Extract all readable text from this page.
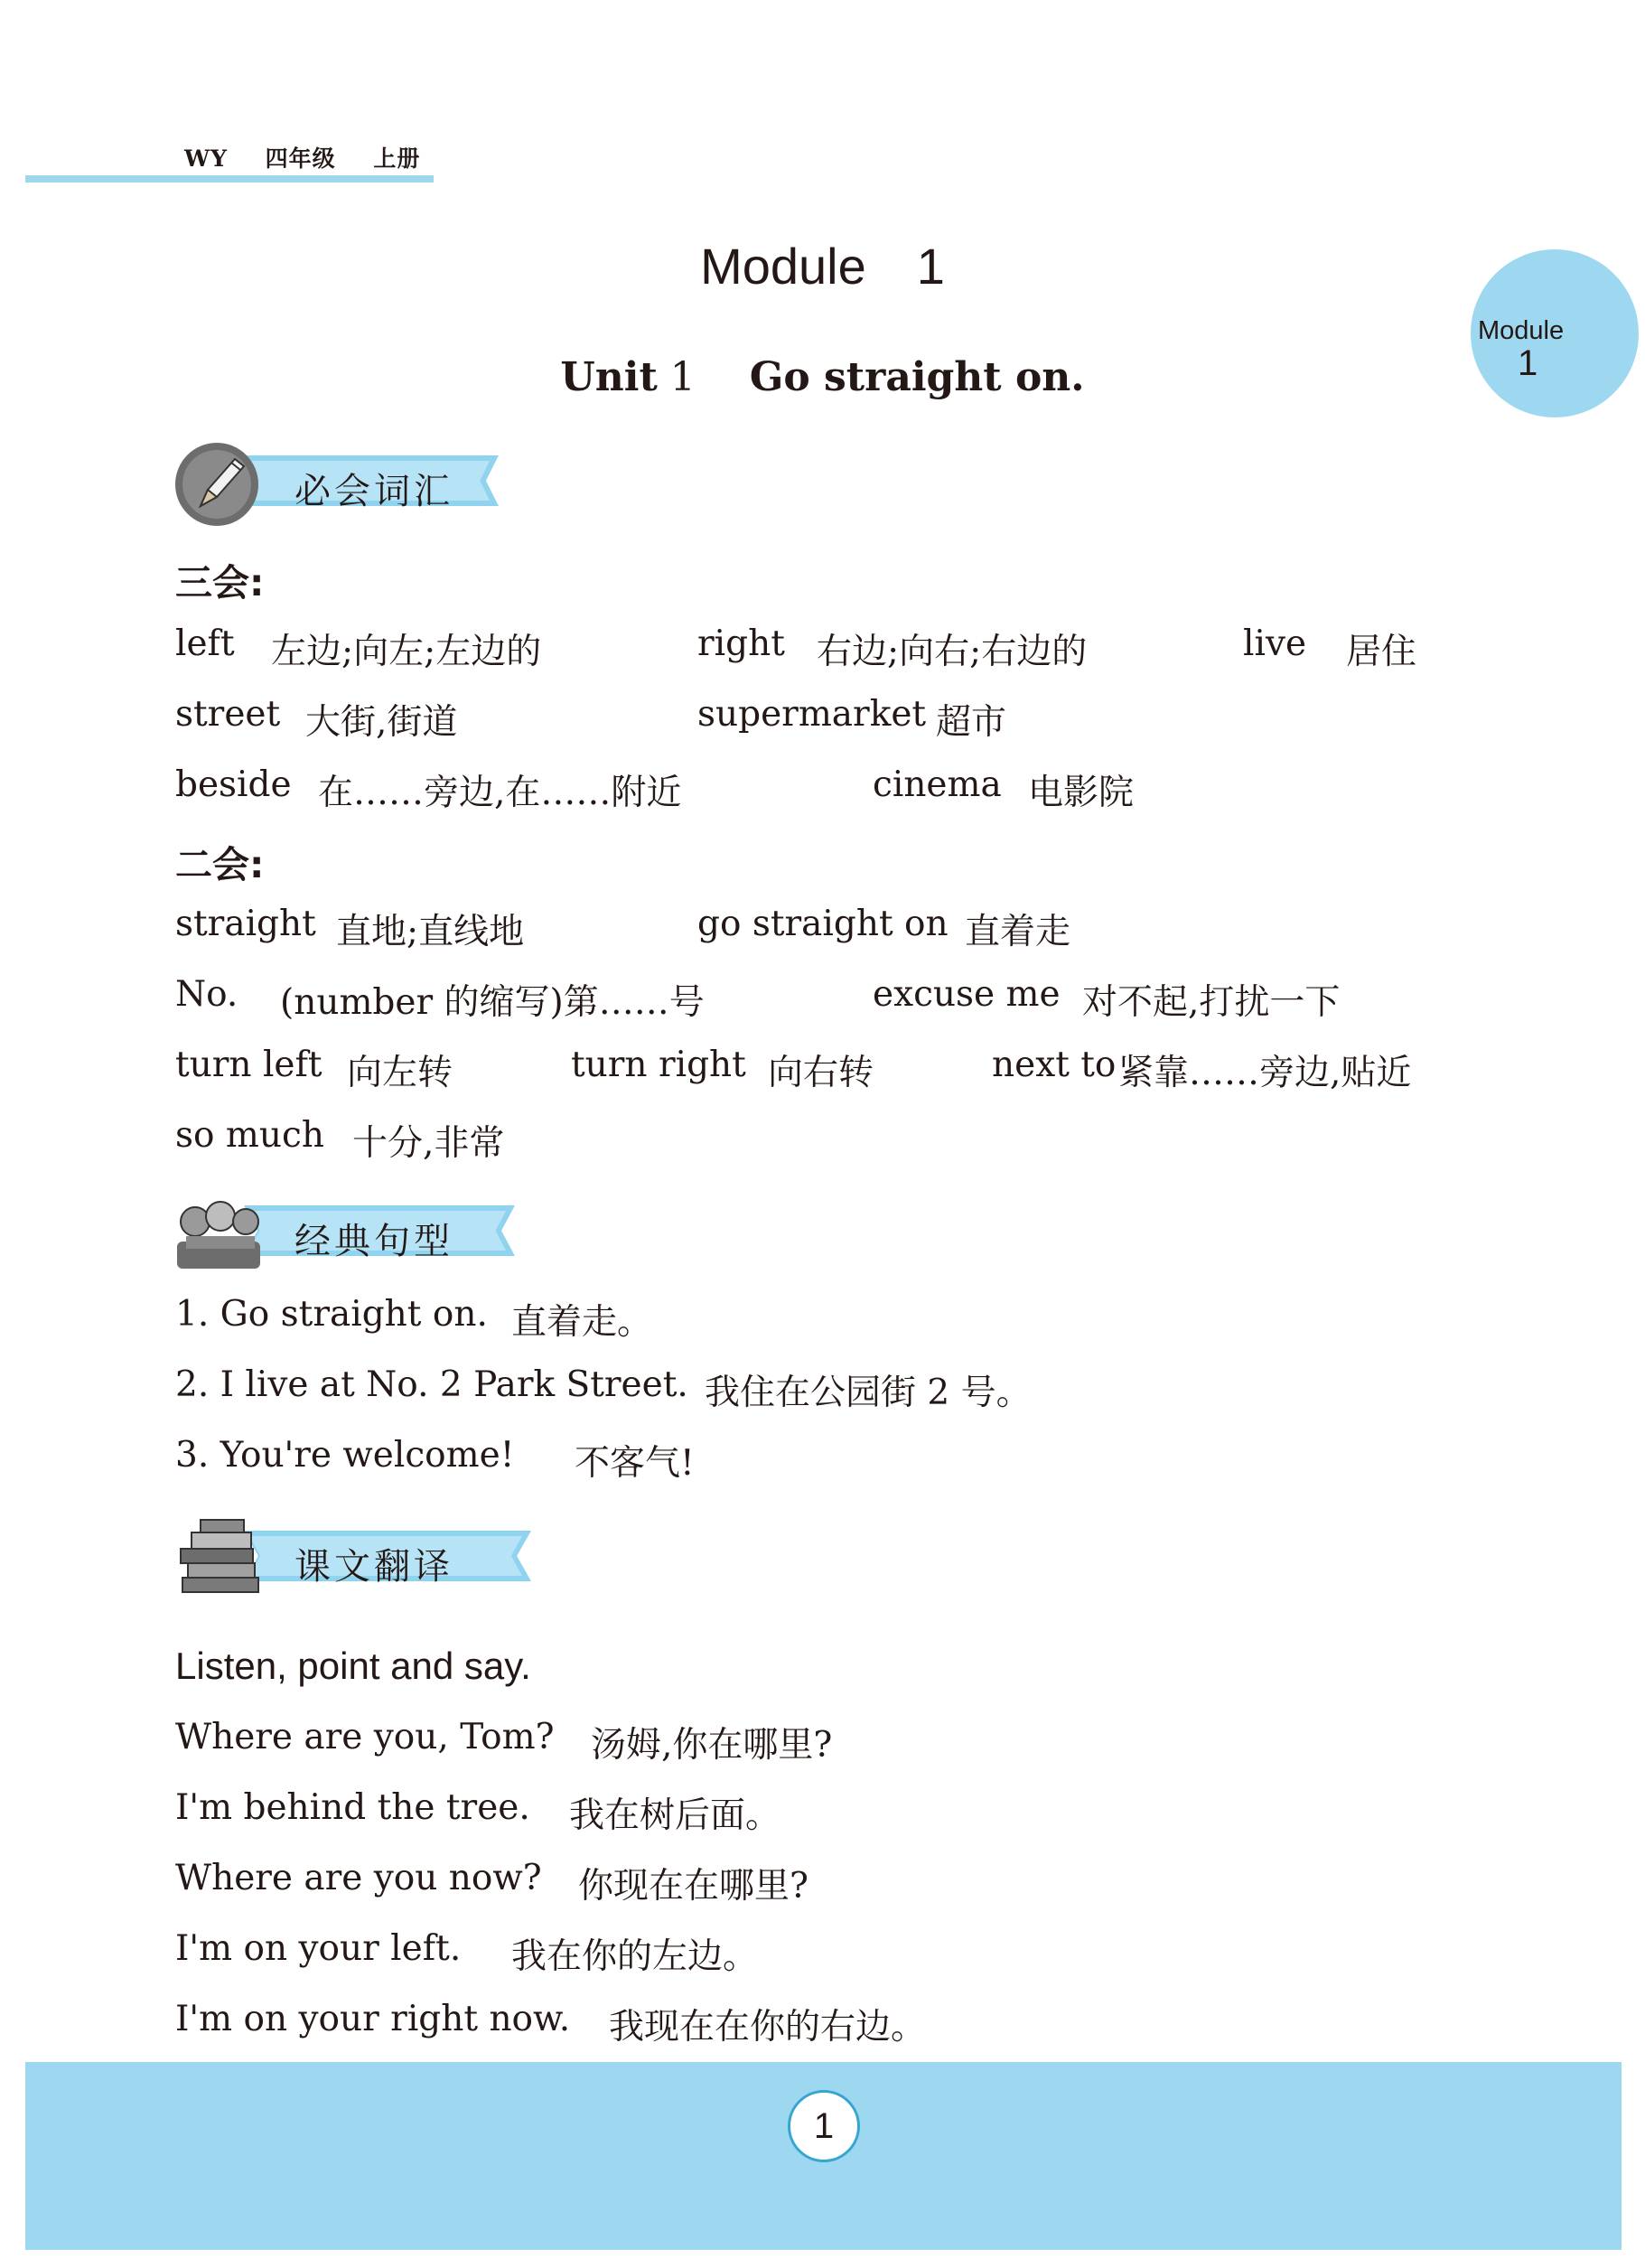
WY 四年级 上册
Module
1
Module 1
Unit 1 Go straight on.
必会词汇
三会:
left 左边;向左;左边的	right 右边;向右;右边的	live 居住
street 大街,街道	supermarket 超市
beside 在……旁边,在……附近	cinema 电影院
二会:
straight 直地;直线地	go straight on 直着走
No. (number 的缩写)第……号	excuse me 对不起,打扰一下
turn left 向左转	turn right 向右转	next to 紧靠……旁边,贴近
so much 十分,非常
经典句型
1. Go straight on. 直着走。
2. I live at No. 2 Park Street. 我住在公园街 2 号。
3. You're welcome! 不客气!
课文翻译
Listen, point and say.
Where are you, Tom? 汤姆,你在哪里?
I'm behind the tree. 我在树后面。
Where are you now? 你现在在哪里?
I'm on your left. 我在你的左边。
I'm on your right now. 我现在在你的右边。
1
